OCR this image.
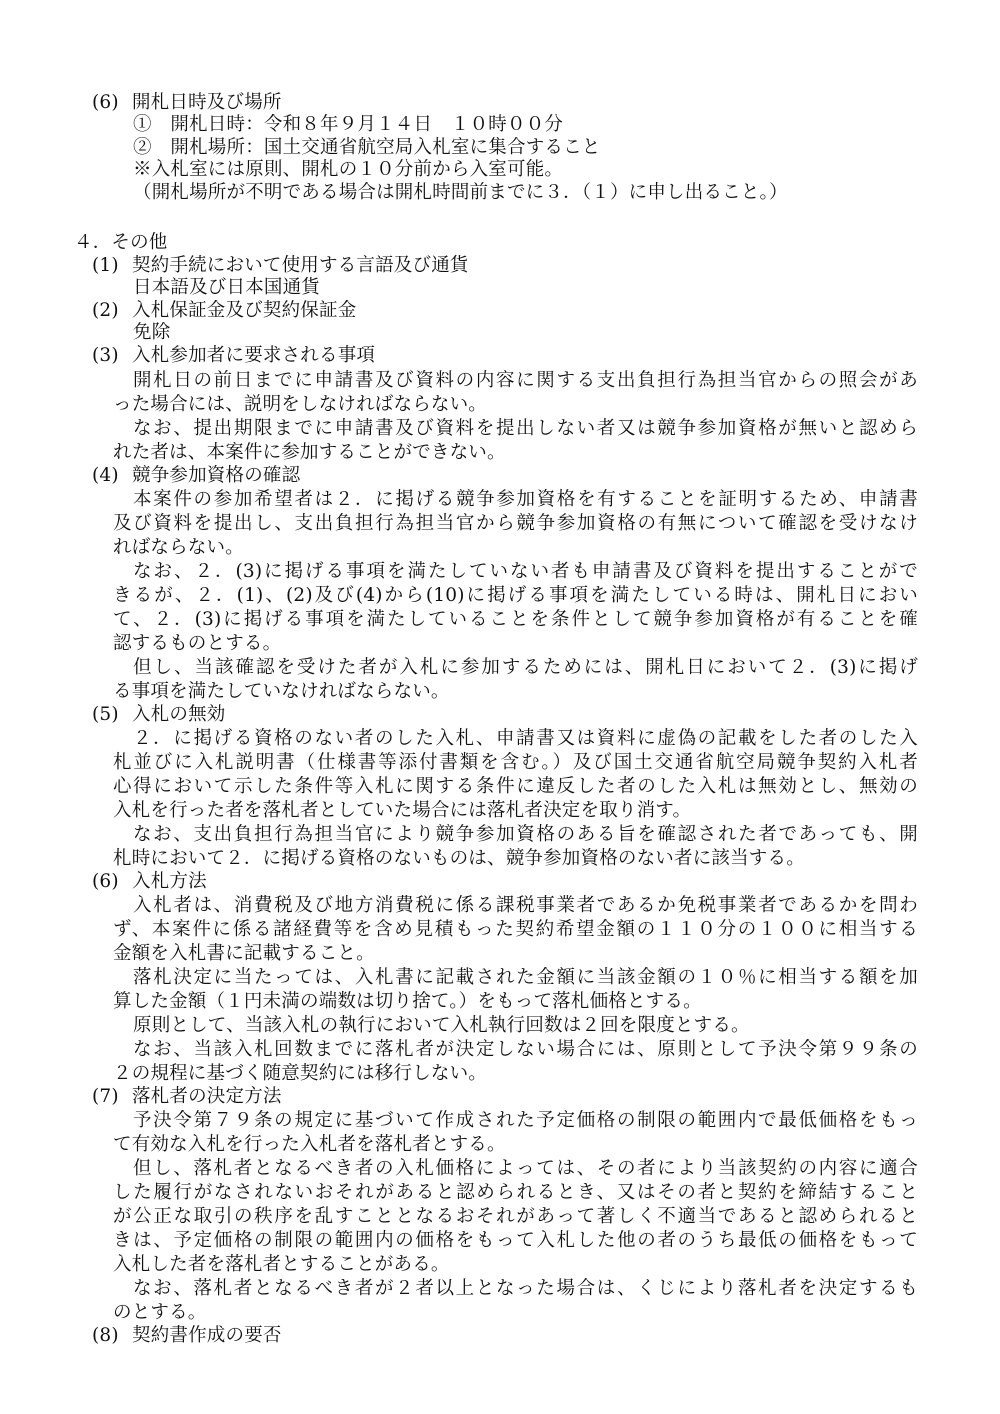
(6) 開札日時及び場所
①　開札日時：令和８年９月１４日　１０時００分
②　開札場所：国土交通省航空局入札室に集合すること
※入札室には原則、開札の１０分前から入室可能。
（開札場所が不明である場合は開札時間前までに３．（１）に申し出ること。）
４．その他
(1) 契約手続において使用する言語及び通貨
日本語及び日本国通貨
(2) 入札保証金及び契約保証金
免除
(3) 入札参加者に要求される事項
開札日の前日までに申請書及び資料の内容に関する支出負担行為担当官からの照会があ
った場合には、説明をしなければならない。
なお、提出期限までに申請書及び資料を提出しない者又は競争参加資格が無いと認めら
れた者は、本案件に参加することができない。
(4) 競争参加資格の確認
本案件の参加希望者は２．に掲げる競争参加資格を有することを証明するため、申請書
及び資料を提出し、支出負担行為担当官から競争参加資格の有無について確認を受けなけ
ればならない。
なお、２．(3)に掲げる事項を満たしていない者も申請書及び資料を提出することがで
きるが、２．(1)、(2)及び(4)から(10)に掲げる事項を満たしている時は、開札日におい
て、２．(3)に掲げる事項を満たしていることを条件として競争参加資格が有ることを確
認するものとする。
但し、当該確認を受けた者が入札に参加するためには、開札日において２．(3)に掲げ
る事項を満たしていなければならない。
(5) 入札の無効
２．に掲げる資格のない者のした入札、申請書又は資料に虚偽の記載をした者のした入
札並びに入札説明書（仕様書等添付書類を含む。）及び国土交通省航空局競争契約入札者
心得において示した条件等入札に関する条件に違反した者のした入札は無効とし、無効の
入札を行った者を落札者としていた場合には落札者決定を取り消す。
なお、支出負担行為担当官により競争参加資格のある旨を確認された者であっても、開
札時において２．に掲げる資格のないものは、競争参加資格のない者に該当する。
(6) 入札方法
入札者は、消費税及び地方消費税に係る課税事業者であるか免税事業者であるかを問わ
ず、本案件に係る諸経費等を含め見積もった契約希望金額の１１０分の１００に相当する
金額を入札書に記載すること。
落札決定に当たっては、入札書に記載された金額に当該金額の１０％に相当する額を加
算した金額（１円未満の端数は切り捨て。）をもって落札価格とする。
原則として、当該入札の執行において入札執行回数は２回を限度とする。
なお、当該入札回数までに落札者が決定しない場合には、原則として予決令第９９条の
２の規程に基づく随意契約には移行しない。
(7) 落札者の決定方法
予決令第７９条の規定に基づいて作成された予定価格の制限の範囲内で最低価格をもっ
て有効な入札を行った入札者を落札者とする。
但し、落札者となるべき者の入札価格によっては、その者により当該契約の内容に適合
した履行がなされないおそれがあると認められるとき、又はその者と契約を締結すること
が公正な取引の秩序を乱すこととなるおそれがあって著しく不適当であると認められると
きは、予定価格の制限の範囲内の価格をもって入札した他の者のうち最低の価格をもって
入札した者を落札者とすることがある。
なお、落札者となるべき者が２者以上となった場合は、くじにより落札者を決定するも
のとする。
(8) 契約書作成の要否
